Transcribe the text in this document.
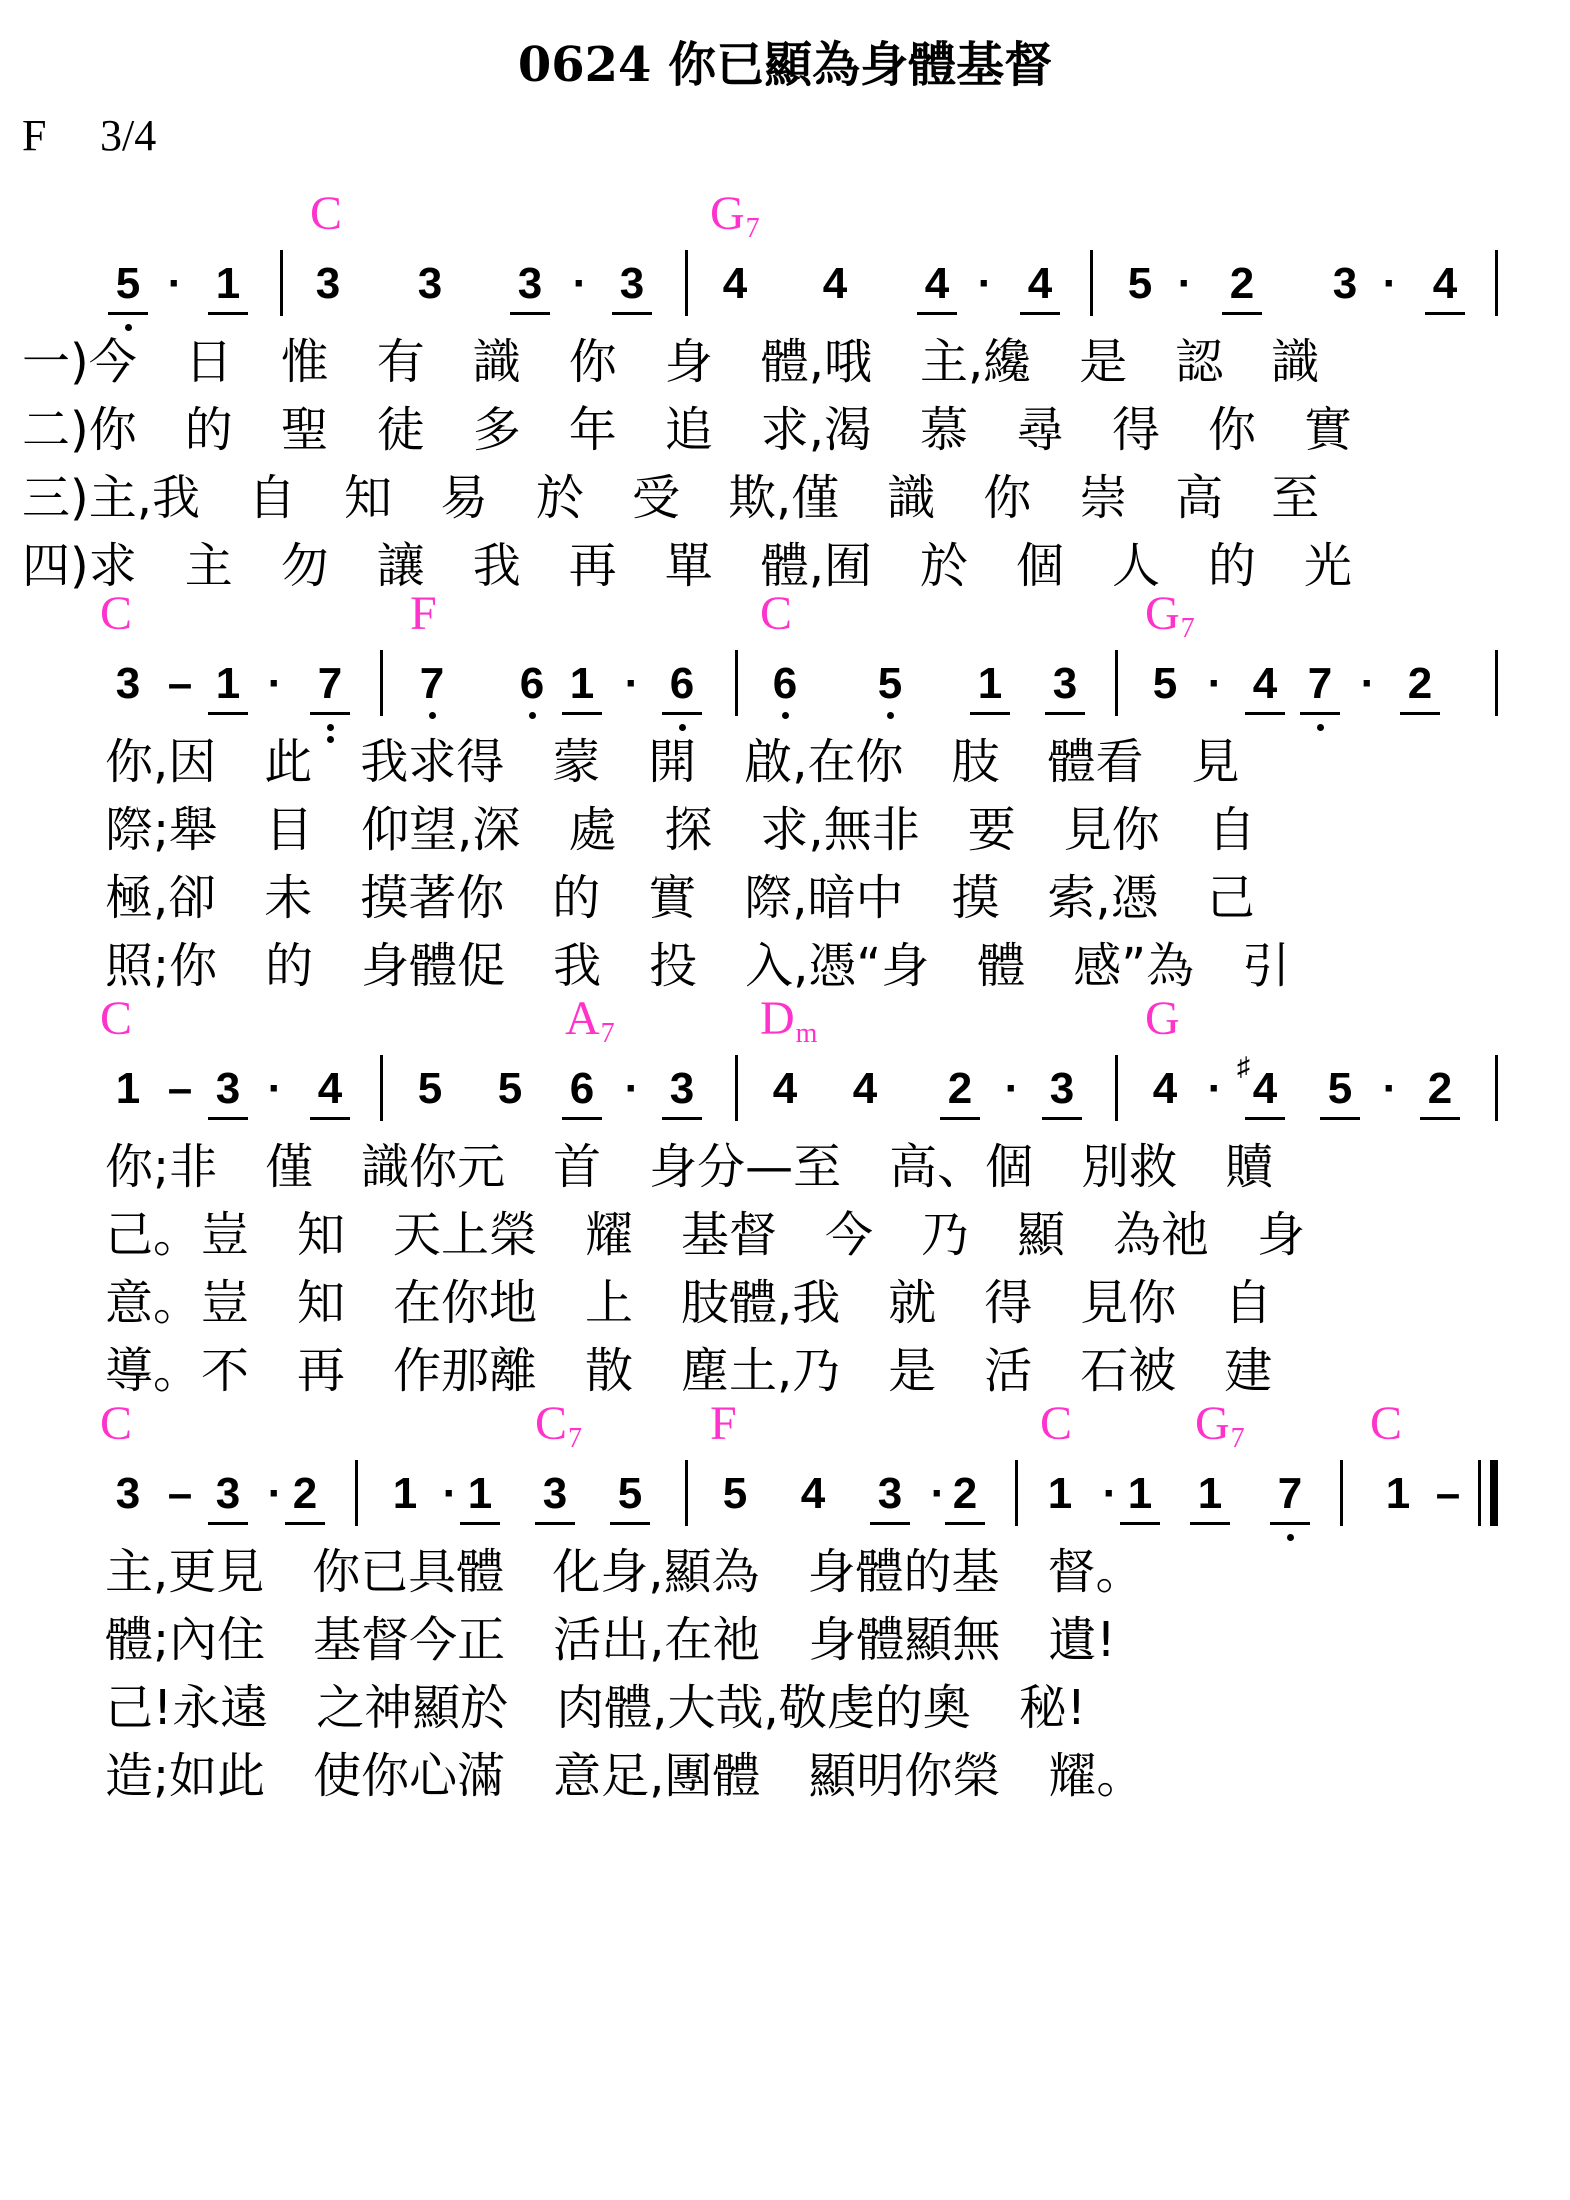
0624 你已顯為身體基督
F 3/4
C	$G_7$
5 · 1 3 3 3 · 3 4 4 4 · 4 5 · 2 3 · 4
一)今　日　惟　有　識　你　身　體,哦　主,纔　是　認　識
二)你　的　聖　徒　多　年　追　求,渴　慕　尋　得　你　實
三)主,我　自　知　易　於　受　欺,僅　識　你　崇　高　至
四)求　主　勿　讓　我　再　單　體,囿　於　個　人　的　光
C	F	C	$G_7$
3 – 1 · 7 7 6 1 · 6 6 5 1 3 5 · 4 7 · 2
你,因　此　我求得　蒙　開　啟,在你　肢　體看　見
際;舉　目　仰望,深　處　探　求,無非　要　見你　自
極,卻　未　摸著你　的　實　際,暗中　摸　索,憑　己
照;你　的　身體促　我　投　入,憑“身　體　感”為　引
C	$A_7$	$D_m$	G
1 – 3 · 4 5 5 6 · 3 4 4 2 · 3 4 · 4
♯ 5 · 2
你;非　僅　識你元　首　身分—至　高、個　別救　贖
己。豈　知　天上榮　耀　基督　今　乃　顯　為祂　身
意。豈　知　在你地　上　肢體,我　就　得　見你　自
導。不　再　作那離　散　塵土,乃　是　活　石被　建
C	$C_7$	F	C	$G_7$	C
3 – 3 · 2 1 · 1 3 5 5 4 3 · 2 1 · 1 1 7 1 –
主,更見　你已具體　化身,顯為　身體的基　督。
體;內住　基督今正　活出,在祂　身體顯無　遺!
己!永遠　之神顯於　肉體,大哉,敬虔的奧　秘!
造;如此　使你心滿　意足,團體　顯明你榮　耀。
